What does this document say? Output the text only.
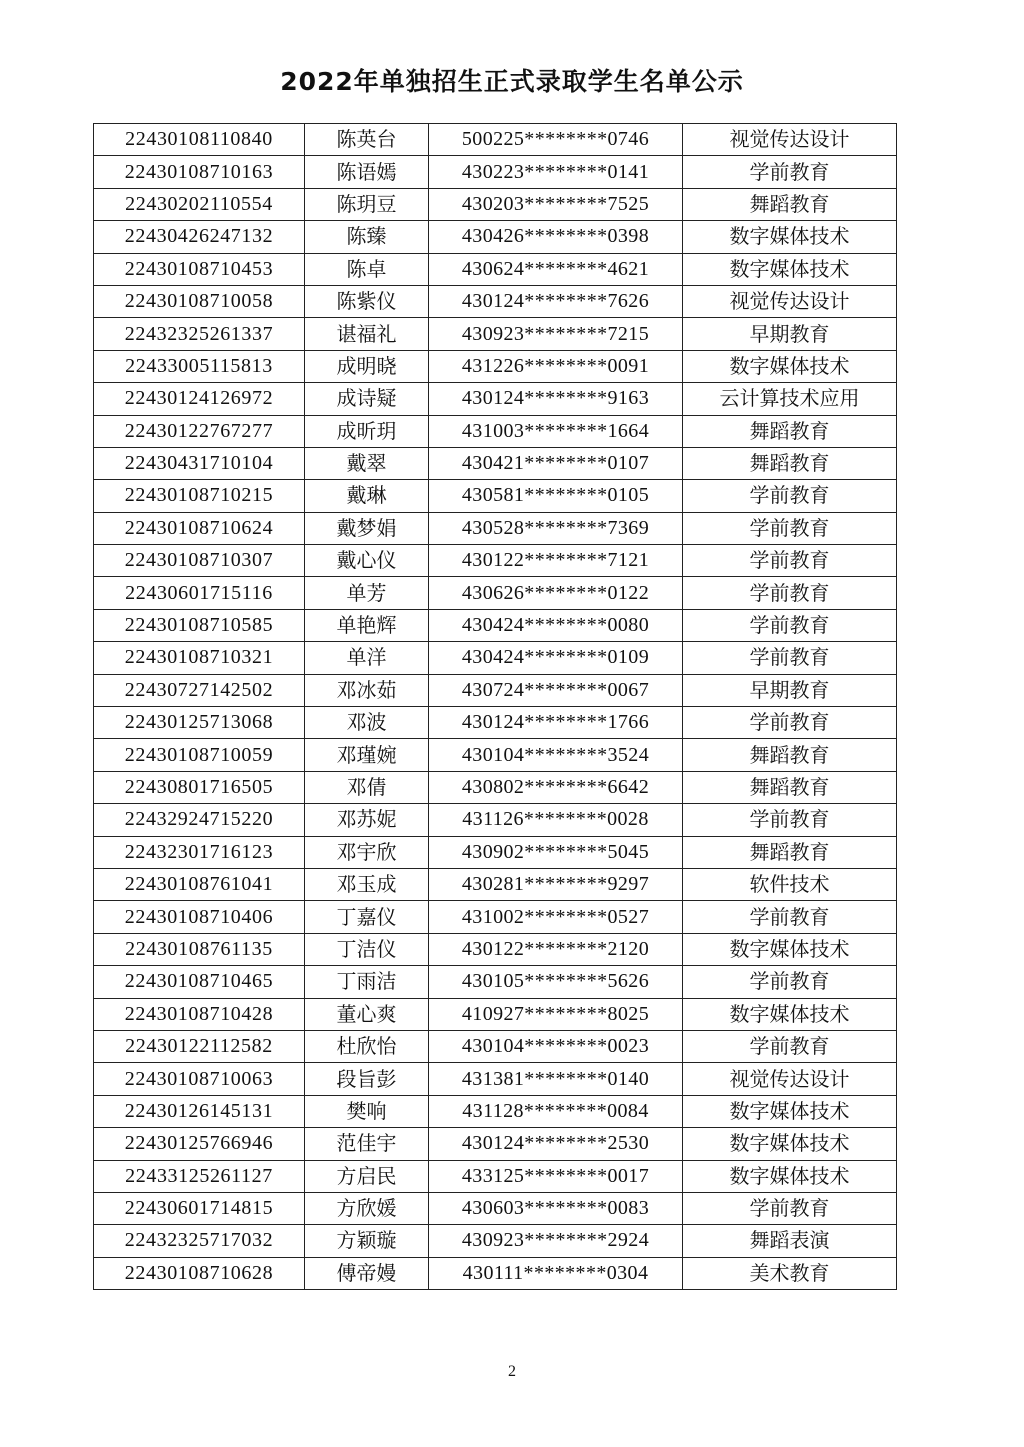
2022年单独招生正式录取学生名单公示
22430108110840	陈英台	500225********0746	视觉传达设计
22430108710163	陈语嫣	430223********0141	学前教育
22430202110554	陈玥豆	430203********7525	舞蹈教育
22430426247132	陈臻	430426********0398	数字媒体技术
22430108710453	陈卓	430624********4621	数字媒体技术
22430108710058	陈紫仪	430124********7626	视觉传达设计
22432325261337	谌福礼	430923********7215	早期教育
22433005115813	成明晓	431226********0091	数字媒体技术
22430124126972	成诗疑	430124********9163	云计算技术应用
22430122767277	成昕玥	431003********1664	舞蹈教育
22430431710104	戴翠	430421********0107	舞蹈教育
22430108710215	戴琳	430581********0105	学前教育
22430108710624	戴梦娟	430528********7369	学前教育
22430108710307	戴心仪	430122********7121	学前教育
22430601715116	单芳	430626********0122	学前教育
22430108710585	单艳辉	430424********0080	学前教育
22430108710321	单洋	430424********0109	学前教育
22430727142502	邓冰茹	430724********0067	早期教育
22430125713068	邓波	430124********1766	学前教育
22430108710059	邓瑾婉	430104********3524	舞蹈教育
22430801716505	邓倩	430802********6642	舞蹈教育
22432924715220	邓苏妮	431126********0028	学前教育
22432301716123	邓宇欣	430902********5045	舞蹈教育
22430108761041	邓玉成	430281********9297	软件技术
22430108710406	丁嘉仪	431002********0527	学前教育
22430108761135	丁洁仪	430122********2120	数字媒体技术
22430108710465	丁雨洁	430105********5626	学前教育
22430108710428	董心爽	410927********8025	数字媒体技术
22430122112582	杜欣怡	430104********0023	学前教育
22430108710063	段旨彭	431381********0140	视觉传达设计
22430126145131	樊响	431128********0084	数字媒体技术
22430125766946	范佳宇	430124********2530	数字媒体技术
22433125261127	方启民	433125********0017	数字媒体技术
22430601714815	方欣媛	430603********0083	学前教育
22432325717032	方颖璇	430923********2924	舞蹈表演
22430108710628	傅帝嫚	430111********0304	美术教育
2
